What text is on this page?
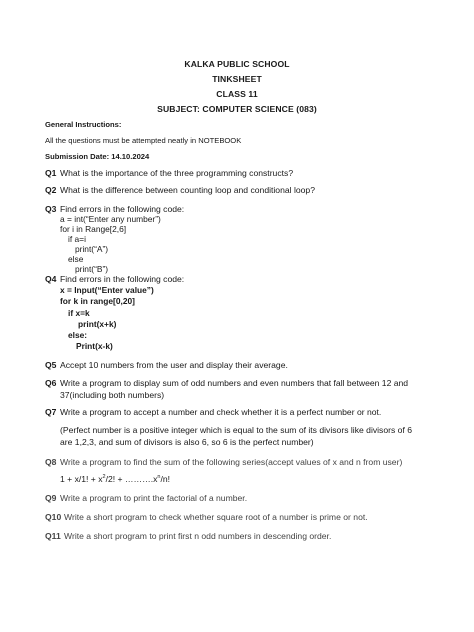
KALKA PUBLIC SCHOOL
TINKSHEET
CLASS 11
SUBJECT: COMPUTER SCIENCE (083)
General Instructions:
All the questions must be attempted neatly in NOTEBOOK
Submission Date: 14.10.2024
Q1 What is the importance of the three programming constructs?
Q2 What is the difference between counting loop and conditional loop?
Q3 Find errors in the following code:
a = int(“Enter any number”)
for i in Range[2,6]
if a=i
print(“A”)
else
print(“B”)
Q4 Find errors in the following code:
x = Input(“Enter value”)
for k in range[0,20]
if x=k
print(x+k)
else:
Print(x-k)
Q5 Accept 10 numbers from the user and display their average.
Q6 Write a program to display sum of odd numbers and even numbers that fall between 12 and
37(including both numbers)
Q7 Write a program to accept a number and check whether it is a perfect number or not.
(Perfect number is a positive integer which is equal to the sum of its divisors like divisors of 6
are 1,2,3, and sum of divisors is also 6, so 6 is the perfect number)
Q8 Write a program to find the sum of the following series(accept values of x and n from user)
1 + x/1! + $x^2/2$! + $\dots\dots\dots.x^n/n$!
Q9 Write a program to print the factorial of a number.
Q10 Write a short program to check whether square root of a number is prime or not.
Q11 Write a short program to print first n odd numbers in descending order.
